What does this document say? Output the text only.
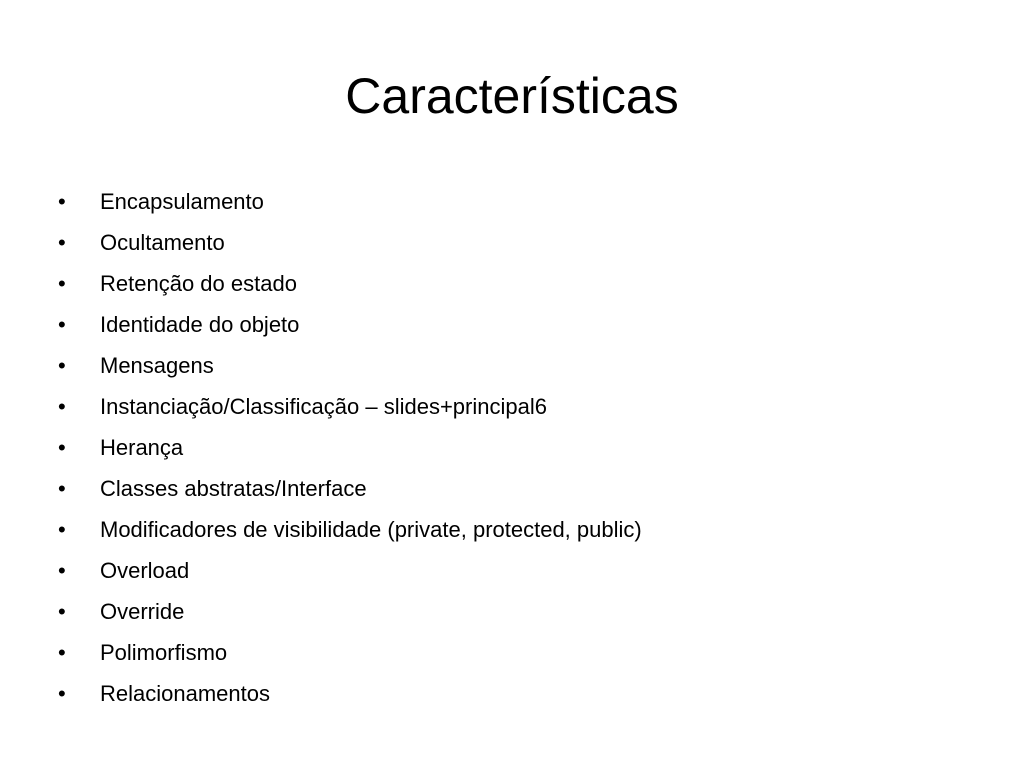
Características
•	Encapsulamento
•	Ocultamento
•	Retenção do estado
•	Identidade do objeto
•	Mensagens
•	Instanciação/Classificação – slides+principal6
•	Herança
•	Classes abstratas/Interface
•	Modificadores de visibilidade (private, protected, public)
•	Overload
•	Override
•	Polimorfismo
•	Relacionamentos
